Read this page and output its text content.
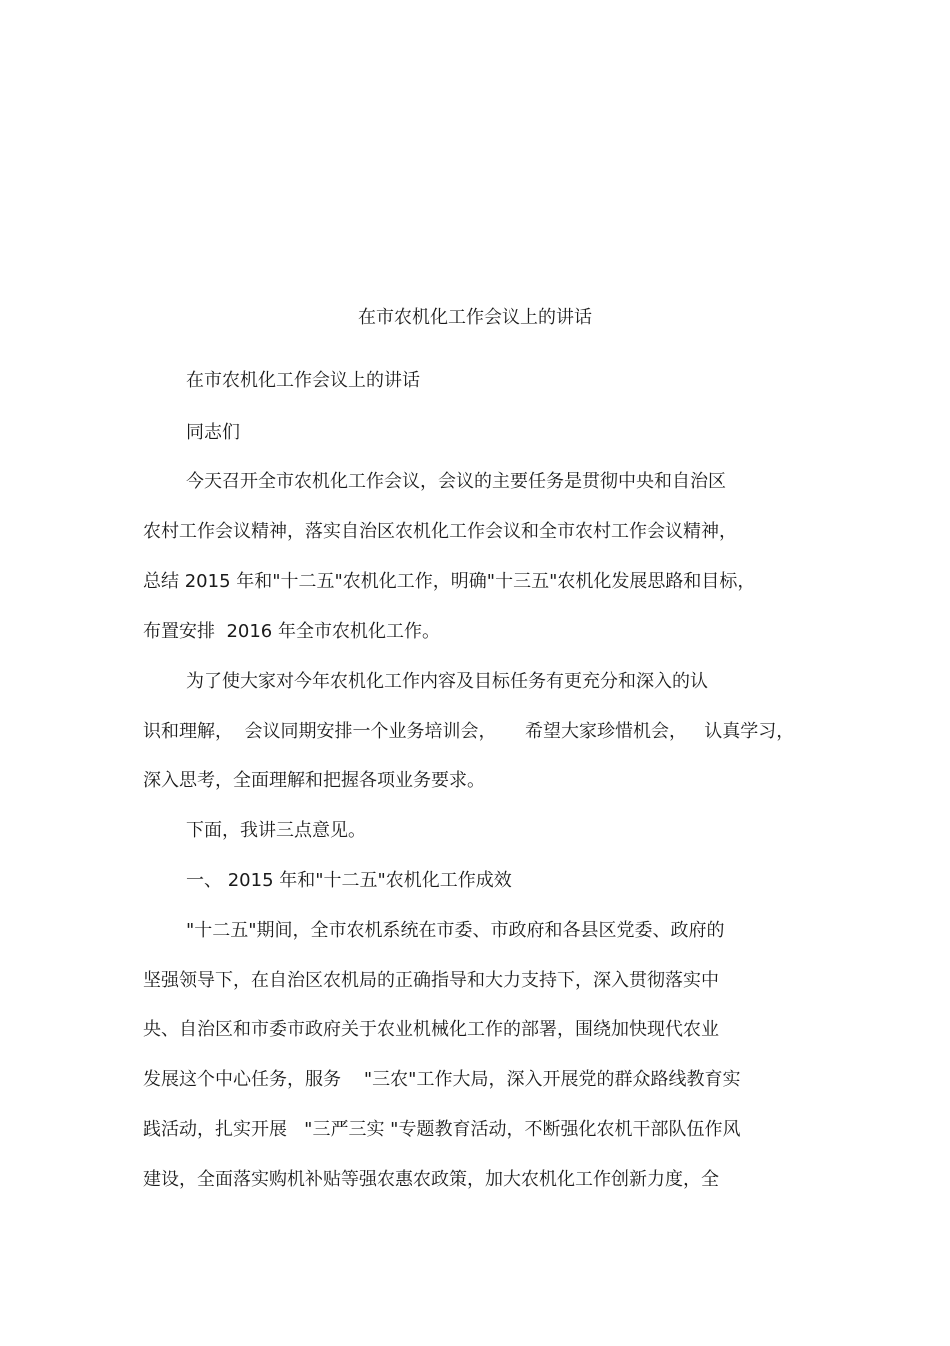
在市农机化工作会议上的讲话
在市农机化工作会议上的讲话
同志们
今天召开全市农机化工作会议，会议的主要任务是贯彻中央和自治区
农村工作会议精神，落实自治区农机化工作会议和全市农村工作会议精神，
总结 2015 年和"十二五"农机化工作，明确"十三五"农机化发展思路和目标，
布置安排  2016 年全市农机化工作。
为了使大家对今年农机化工作内容及目标任务有更充分和深入的认
识和理解，  会议同期安排一个业务培训会，     希望大家珍惜机会，   认真学习，
深入思考，全面理解和把握各项业务要求。
下面，我讲三点意见。
一、 2015 年和"十二五"农机化工作成效
"十二五"期间，全市农机系统在市委、市政府和各县区党委、政府的
坚强领导下，在自治区农机局的正确指导和大力支持下，深入贯彻落实中
央、自治区和市委市政府关于农业机械化工作的部署，围绕加快现代农业
发展这个中心任务，服务    "三农"工作大局，深入开展党的群众路线教育实
践活动，扎实开展   "三严三实 "专题教育活动，不断强化农机干部队伍作风
建设，全面落实购机补贴等强农惠农政策，加大农机化工作创新力度，全
